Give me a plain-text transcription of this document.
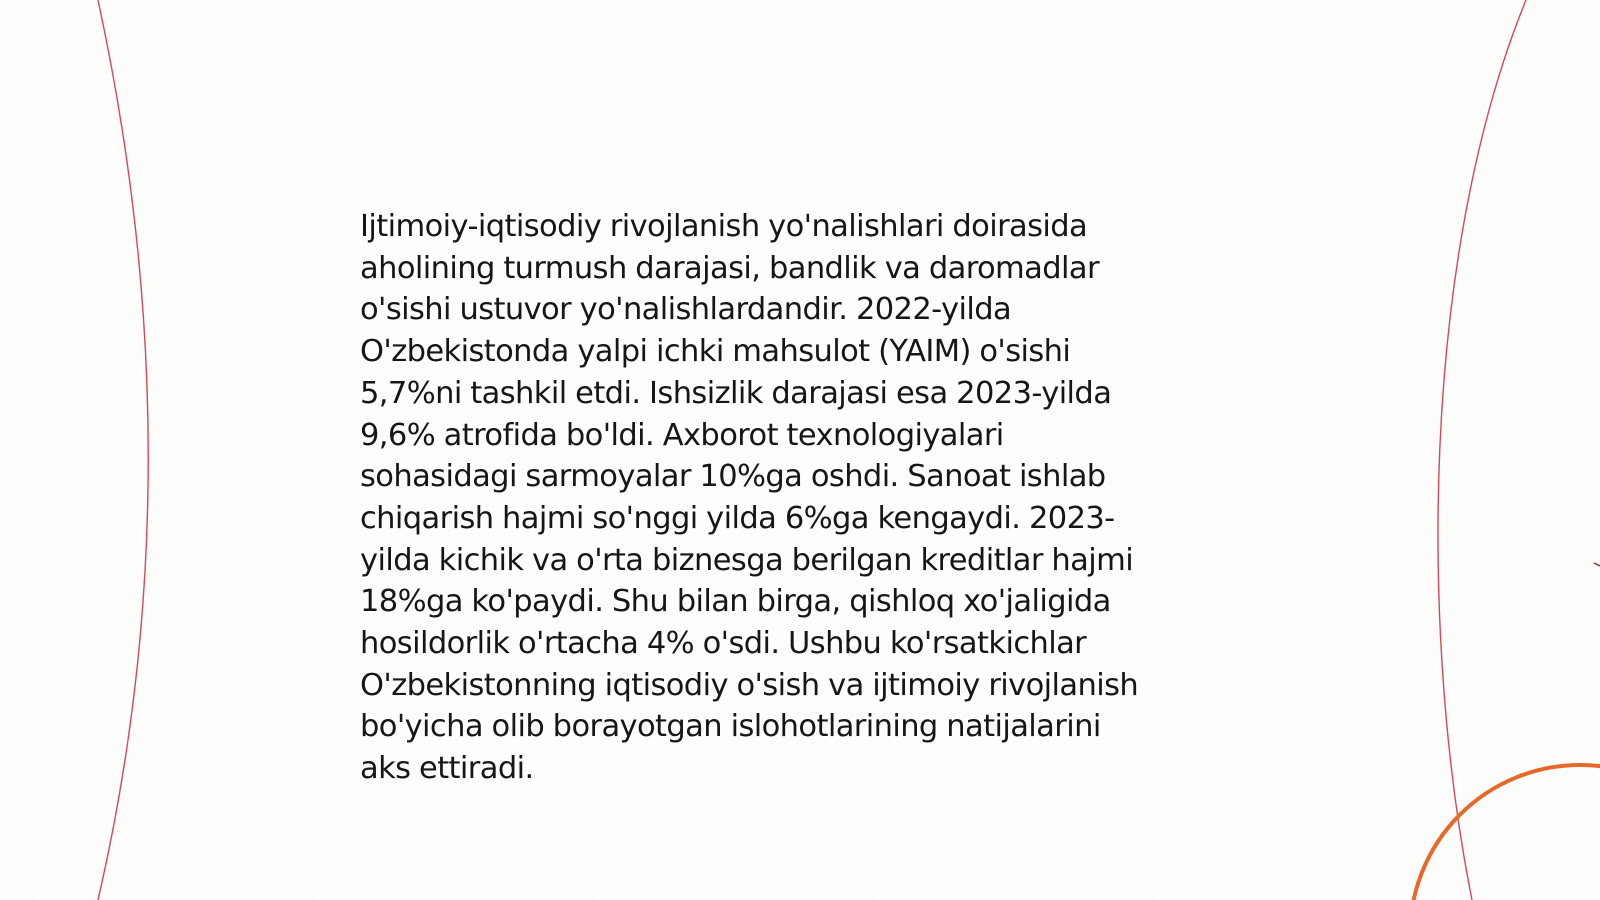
Ijtimoiy-iqtisodiy rivojlanish yo'nalishlari doirasida
aholining turmush darajasi, bandlik va daromadlar
o'sishi ustuvor yo'nalishlardandir. 2022-yilda
O'zbekistonda yalpi ichki mahsulot (YAIM) o'sishi
5,7%ni tashkil etdi. Ishsizlik darajasi esa 2023-yilda
9,6% atrofida bo'ldi. Axborot texnologiyalari
sohasidagi sarmoyalar 10%ga oshdi. Sanoat ishlab
chiqarish hajmi so'nggi yilda 6%ga kengaydi. 2023-
yilda kichik va o'rta biznesga berilgan kreditlar hajmi
18%ga ko'paydi. Shu bilan birga, qishloq xo'jaligida
hosildorlik o'rtacha 4% o'sdi. Ushbu ko'rsatkichlar
O'zbekistonning iqtisodiy o'sish va ijtimoiy rivojlanish
bo'yicha olib borayotgan islohotlarining natijalarini
aks ettiradi.
